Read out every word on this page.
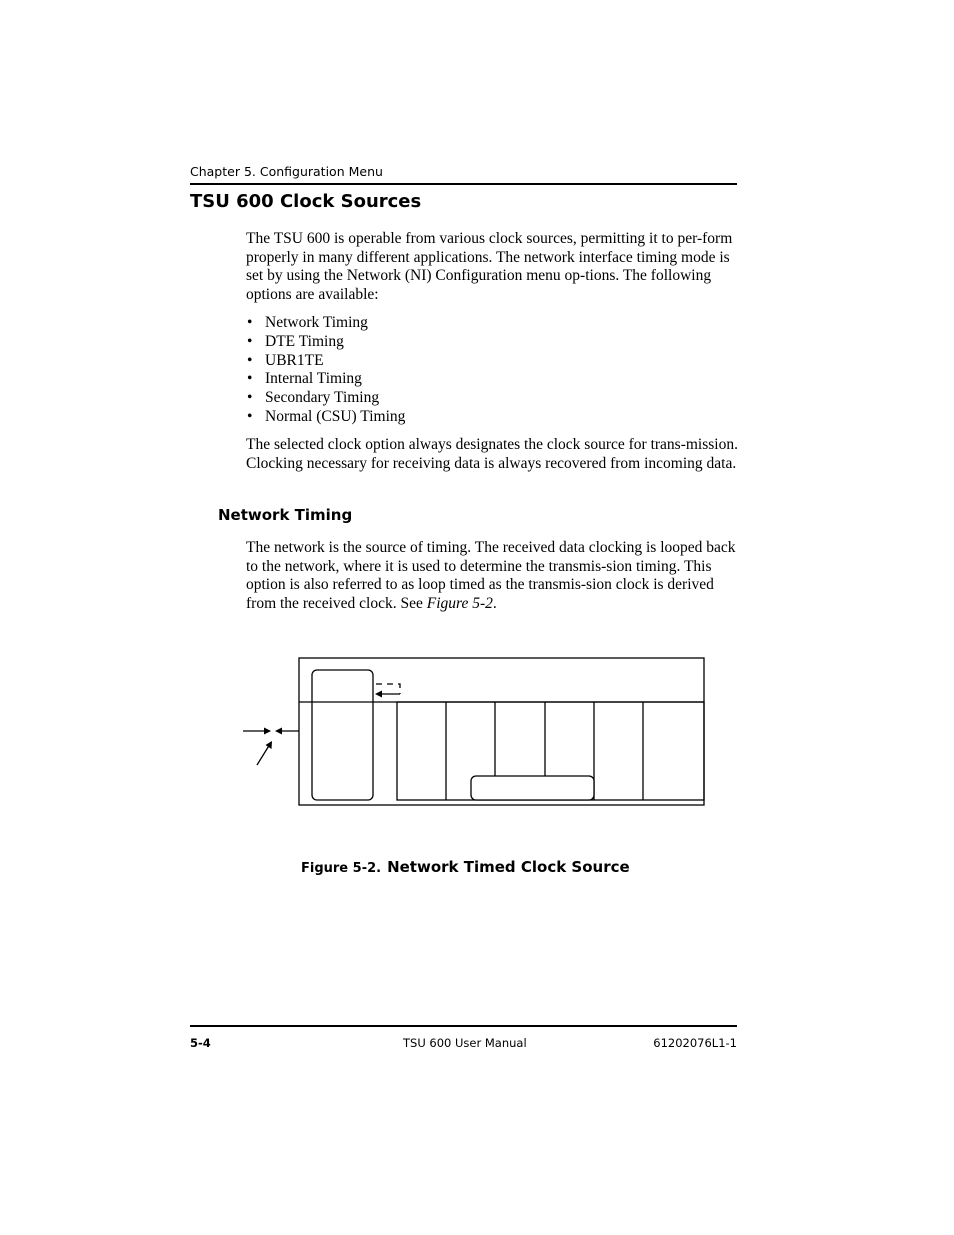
Chapter 5. Configuration Menu
TSU 600 Clock Sources

The TSU 600 is operable from various clock sources, permitting it to per-form properly in many different applications. The network interface timing mode is set by using the Network (NI) Configuration menu op-tions. The following options are available:

• Network Timing
• DTE Timing
• UBR1TE
• Internal Timing
• Secondary Timing
• Normal (CSU) Timing

The selected clock option always designates the clock source for trans-mission. Clocking necessary for receiving data is always recovered from incoming data.

Network Timing

The network is the source of timing. The received data clocking is looped back to the network, where it is used to determine the transmis-sion timing. This option is also referred to as loop timed as the transmis-sion clock is derived from the received clock. See Figure 5-2.

Figure 5-2. Network Timed Clock Source
5-4	TSU 600 User Manual	61202076L1-1
